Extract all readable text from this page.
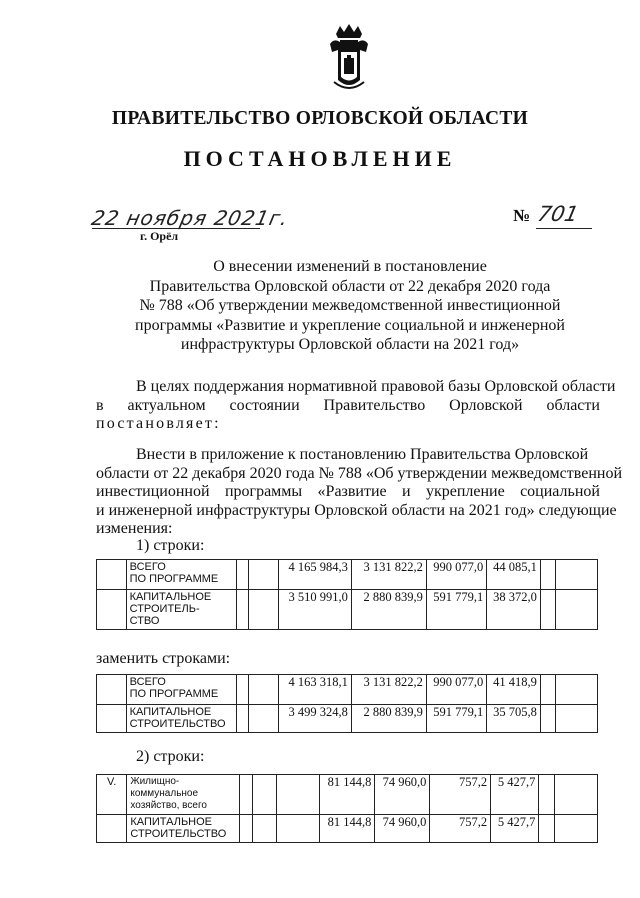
ПРАВИТЕЛЬСТВО ОРЛОВСКОЙ ОБЛАСТИ
ПОСТАНОВЛЕНИЕ
22 ноября 2021г.
г. Орёл
№ 701
О внесении изменений в постановление
Правительства Орловской области от 22 декабря 2020 года
№ 788 «Об утверждении межведомственной инвестиционной
программы «Развитие и укрепление социальной и инженерной
инфраструктуры Орловской области на 2021 год»
В целях поддержания нормативной правовой базы Орловской области
в актуальном состоянии Правительство Орловской области
постановляет:
Внести в приложение к постановлению Правительства Орловской
области от 22 декабря 2020 года № 788 «Об утверждении межведомственной
инвестиционной программы «Развитие и укрепление социальной
и инженерной инфраструктуры Орловской области на 2021 год» следующие
изменения:
1) строки:
	ВСЕГО
ПО ПРОГРАММЕ			4 165 984,3	3 131 822,2	990 077,0	44 085,1		
	КАПИТАЛЬНОЕ
СТРОИТЕЛЬ-
СТВО			3 510 991,0	2 880 839,9	591 779,1	38 372,0		
заменить строками:
	ВСЕГО
ПО ПРОГРАММЕ			4 163 318,1	3 131 822,2	990 077,0	41 418,9		
	КАПИТАЛЬНОЕ
СТРОИТЕЛЬСТВО			3 499 324,8	2 880 839,9	591 779,1	35 705,8		
2) строки:
V.	Жилищно-
коммунальное
хозяйство, всего				81 144,8	74 960,0	757,2	5 427,7		
	КАПИТАЛЬНОЕ
СТРОИТЕЛЬСТВО				81 144,8	74 960,0	757,2	5 427,7		
